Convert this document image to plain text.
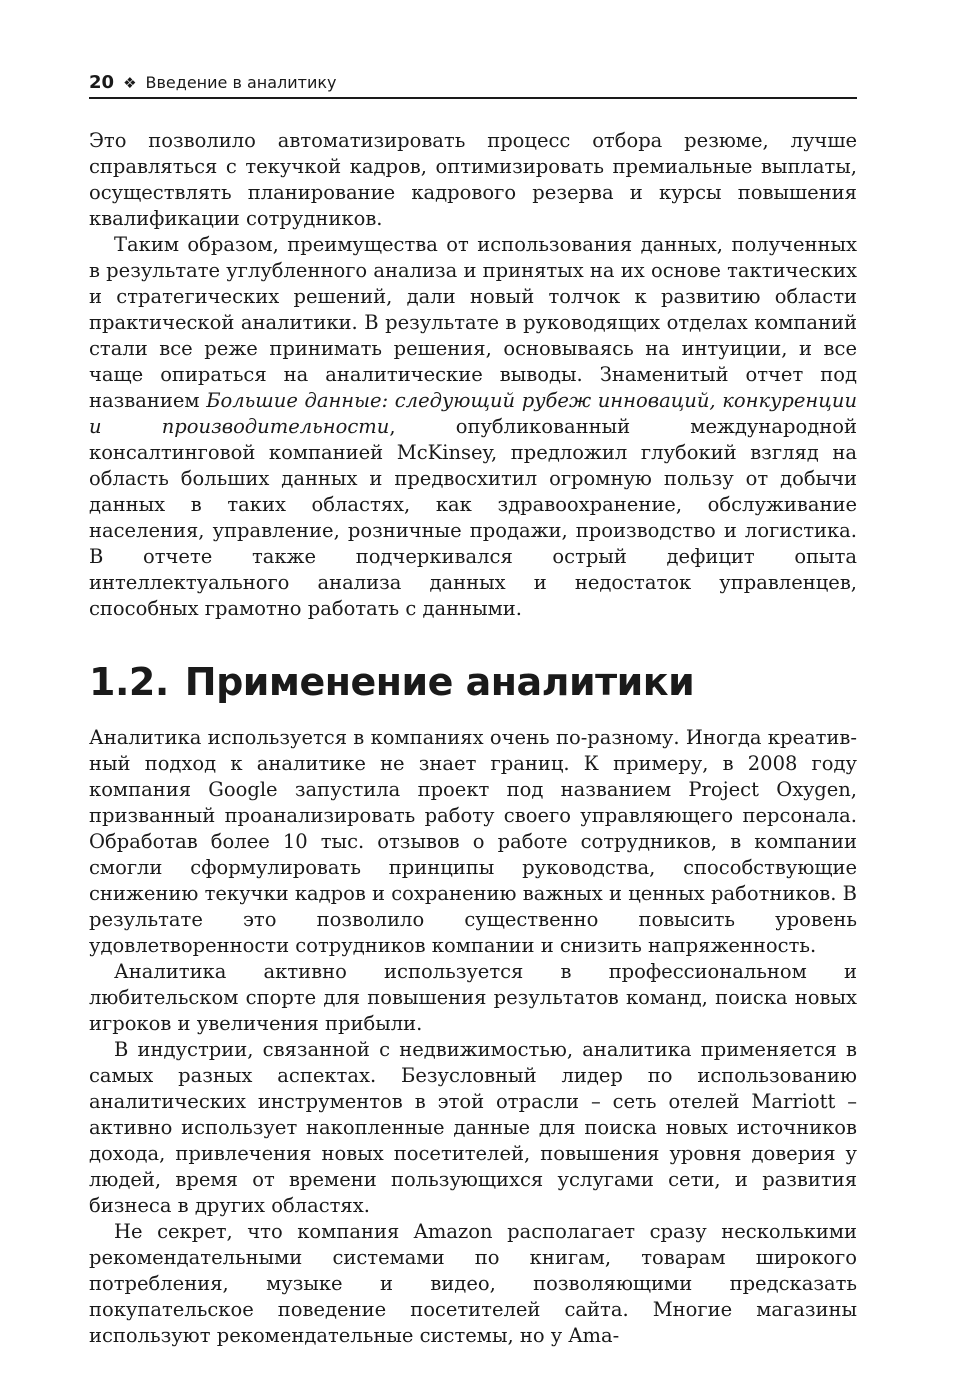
20 ❖ Введение в аналитику

Это позволило автоматизировать процесс отбора резюме, лучше справляться с текучкой кадров, оптимизировать премиальные выплаты, осуществлять планирование кадрового резерва и курсы повышения квалификации сотрудников.

Таким образом, преимущества от использования данных, полученных в результате углубленного анализа и принятых на их основе тактических и стратегических решений, дали новый толчок к развитию области практической аналитики. В результате в руководящих отделах компаний стали все реже принимать решения, основываясь на интуиции, и все чаще опираться на аналитические выводы. Знаменитый отчет под названием Большие данные: следующий рубеж инноваций, конкуренции и производительности, опубликованный международной консалтинговой компанией McKinsey, предложил глубокий взгляд на область больших данных и предвосхитил огромную пользу от добычи данных в таких областях, как здравоохранение, обслуживание населения, управление, розничные продажи, производство и логистика. В отчете также подчеркивался острый дефицит опыта интеллектуального анализа данных и недостаток управленцев, способных грамотно работать с данными.

1.2. Применение аналитики

Аналитика используется в компаниях очень по-разному. Иногда креативный подход к аналитике не знает границ. К примеру, в 2008 году компания Google запустила проект под названием Project Oxygen, призванный проанализировать работу своего управляющего персонала. Обработав более 10 тыс. отзывов о работе сотрудников, в компании смогли сформулировать принципы руководства, способствующие снижению текучки кадров и сохранению важных и ценных работников. В результате это позволило существенно повысить уровень удовлетворенности сотрудников компании и снизить напряженность.

Аналитика активно используется в профессиональном и любительском спорте для повышения результатов команд, поиска новых игроков и увеличения прибыли.

В индустрии, связанной с недвижимостью, аналитика применяется в самых разных аспектах. Безусловный лидер по использованию аналитических инструментов в этой отрасли – сеть отелей Marriott – активно использует накопленные данные для поиска новых источников дохода, привлечения новых посетителей, повышения уровня доверия у людей, время от времени пользующихся услугами сети, и развития бизнеса в других областях.

Не секрет, что компания Amazon располагает сразу несколькими рекомендательными системами по книгам, товарам широкого потребления, музыке и видео, позволяющими предсказать покупательское поведение посетителей сайта. Многие магазины используют рекомендательные системы, но у Ama-
